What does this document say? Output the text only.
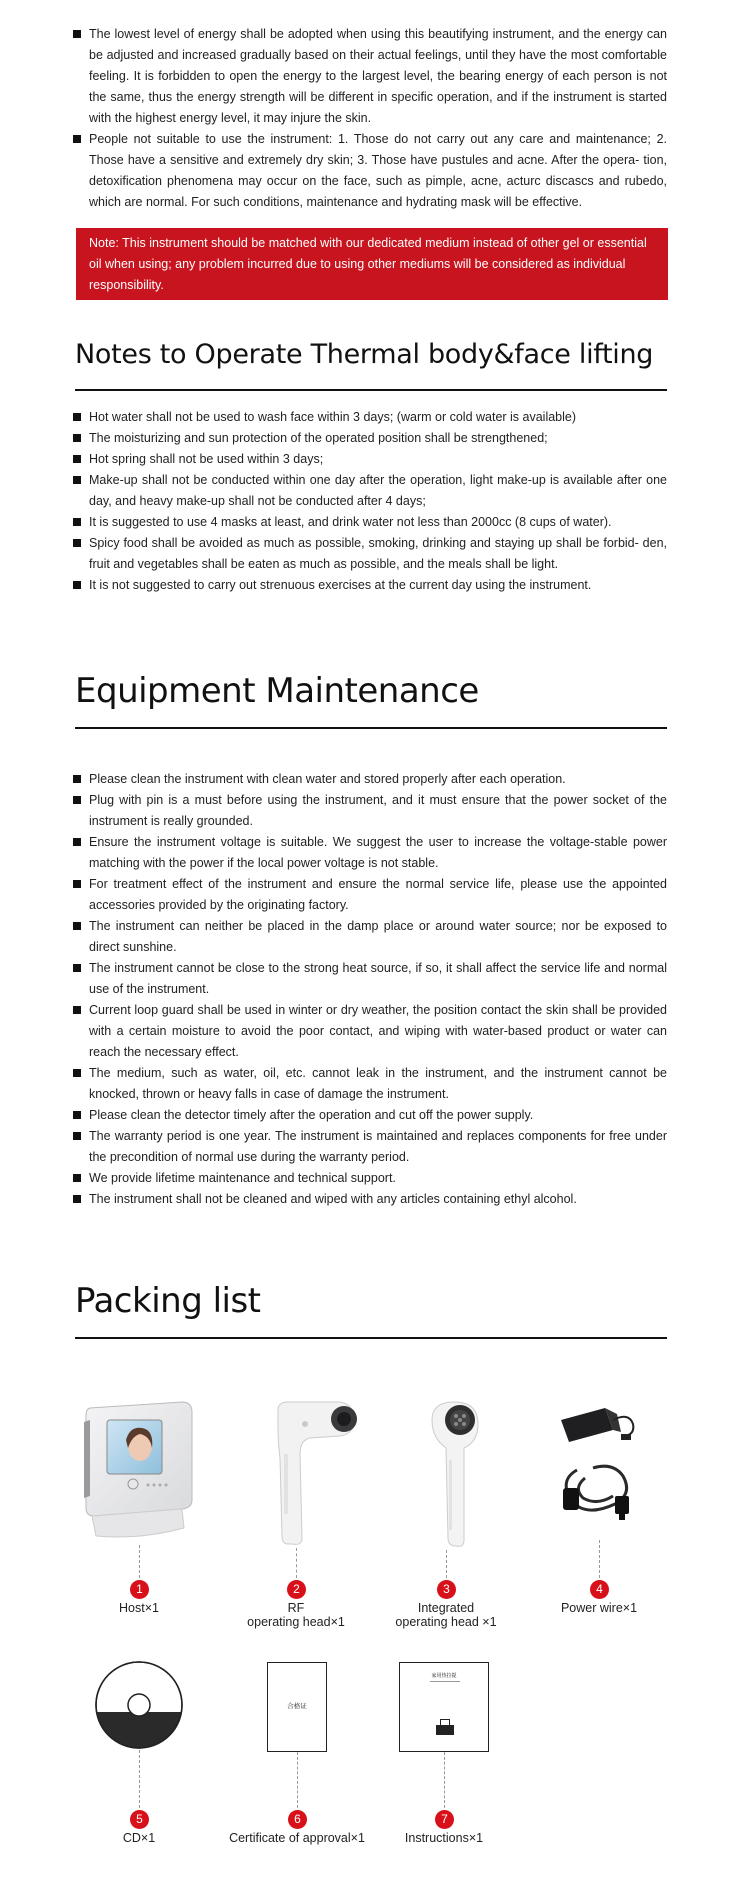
The lowest level of energy shall be adopted when using this beautifying instrument, and the energy can be adjusted and increased gradually based on their actual feelings, until they have the most comfortable feeling. It is forbidden to open the energy to the largest level, the bearing energy of each person is not the same, thus the energy strength will be different in specific operation, and if the instrument is started with the highest energy level, it may injure the skin.
People not suitable to use the instrument: 1. Those do not carry out any care and maintenance; 2. Those have a sensitive and extremely dry skin; 3. Those have pustules and acne. After the opera- tion, detoxification phenomena may occur on the face, such as pimple, acne, acturc discascs and rubedo, which are normal. For such conditions, maintenance and hydrating mask will be effective.
Note: This instrument should be matched with our dedicated medium instead of other gel or essential oil when using; any problem incurred due to using other mediums will be considered as individual responsibility.
Notes to Operate Thermal body&face lifting
Hot water shall not be used to wash face within 3 days; (warm or cold water is available)
The moisturizing and sun protection of the operated position shall be strengthened;
Hot spring shall not be used within 3 days;
Make-up shall not be conducted within one day after the operation, light make-up is available after one day, and heavy make-up shall not be conducted after 4 days;
It is suggested to use 4 masks at least, and drink water not less than 2000cc (8 cups of water).
Spicy food shall be avoided as much as possible, smoking, drinking and staying up shall be forbid- den, fruit and vegetables shall be eaten as much as possible, and the meals shall be light.
It is not suggested to carry out strenuous exercises at the current day using the instrument.
Equipment Maintenance
Please clean the instrument with clean water and stored properly after each operation.
Plug with pin is a must before using the instrument, and it must ensure that the power socket of the instrument is really grounded.
Ensure the instrument voltage is suitable. We suggest the user to increase the voltage-stable power matching with the power if the local power voltage is not stable.
For treatment effect of the instrument and ensure the normal service life, please use the appointed accessories provided by the originating factory.
The instrument can neither be placed in the damp place or around water source; nor be exposed to direct sunshine.
The instrument cannot be close to the strong heat source, if so, it shall affect the service life and normal use of the instrument.
Current loop guard shall be used in winter or dry weather, the position contact the skin shall be provided with a certain moisture to avoid the poor contact, and wiping with water-based product or water can reach the necessary effect.
The medium, such as water, oil, etc. cannot leak in the instrument, and the instrument cannot be knocked, thrown or heavy falls in case of damage the instrument.
Please clean the detector timely after the operation and cut off the power supply.
The warranty period is one year. The instrument is maintained and replaces components for free under the precondition of normal use during the warranty period.
We provide lifetime maintenance and technical support.
The instrument shall not be cleaned and wiped with any articles containing ethyl alcohol.
Packing list
1
Host×1
2
RF
operating head×1
3
Integrated
operating head ×1
4
Power wire×1
5
CD×1
合格证
6
Certificate of approval×1
家用热拉提
7
Instructions×1
